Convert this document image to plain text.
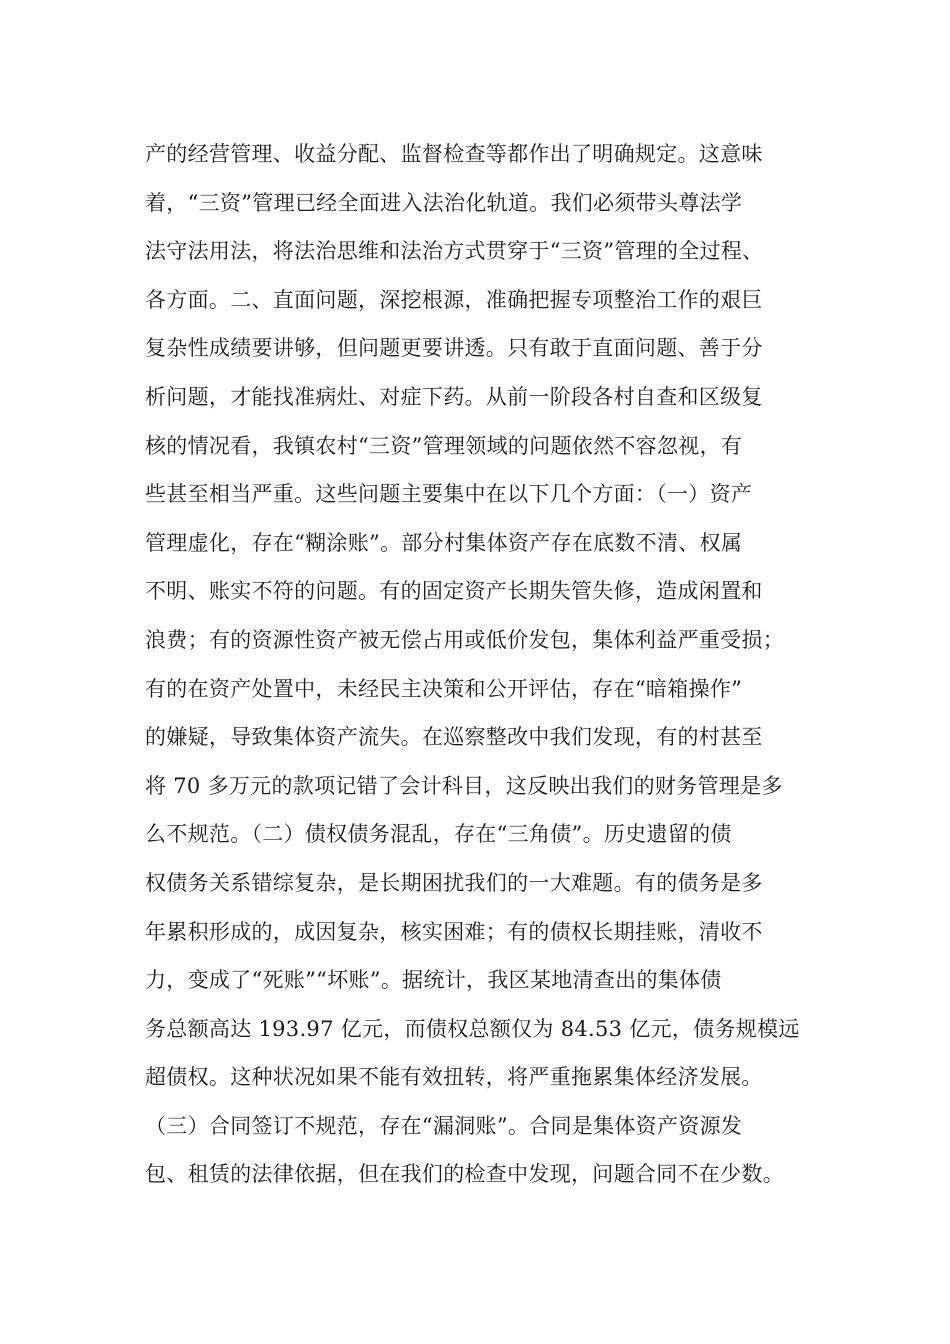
产的经营管理、收益分配、监督检查等都作出了明确规定。这意味
着，“三资”管理已经全面进入法治化轨道。我们必须带头尊法学
法守法用法，将法治思维和法治方式贯穿于“三资”管理的全过程、
各方面。二、直面问题，深挖根源，准确把握专项整治工作的艰巨
复杂性成绩要讲够，但问题更要讲透。只有敢于直面问题、善于分
析问题，才能找准病灶、对症下药。从前一阶段各村自查和区级复
核的情况看，我镇农村“三资”管理领域的问题依然不容忽视，有
些甚至相当严重。这些问题主要集中在以下几个方面：（一）资产
管理虚化，存在“糊涂账”。部分村集体资产存在底数不清、权属
不明、账实不符的问题。有的固定资产长期失管失修，造成闲置和
浪费；有的资源性资产被无偿占用或低价发包，集体利益严重受损；
有的在资产处置中，未经民主决策和公开评估，存在“暗箱操作”
的嫌疑，导致集体资产流失。在巡察整改中我们发现，有的村甚至
将 70 多万元的款项记错了会计科目，这反映出我们的财务管理是多
么不规范。（二）债权债务混乱，存在“三角债”。历史遗留的债
权债务关系错综复杂，是长期困扰我们的一大难题。有的债务是多
年累积形成的，成因复杂，核实困难；有的债权长期挂账，清收不
力，变成了“死账”“坏账”。据统计，我区某地清查出的集体债
务总额高达 193.97 亿元，而债权总额仅为 84.53 亿元，债务规模远
超债权。这种状况如果不能有效扭转，将严重拖累集体经济发展。
（三）合同签订不规范，存在“漏洞账”。合同是集体资产资源发
包、租赁的法律依据，但在我们的检查中发现，问题合同不在少数。
